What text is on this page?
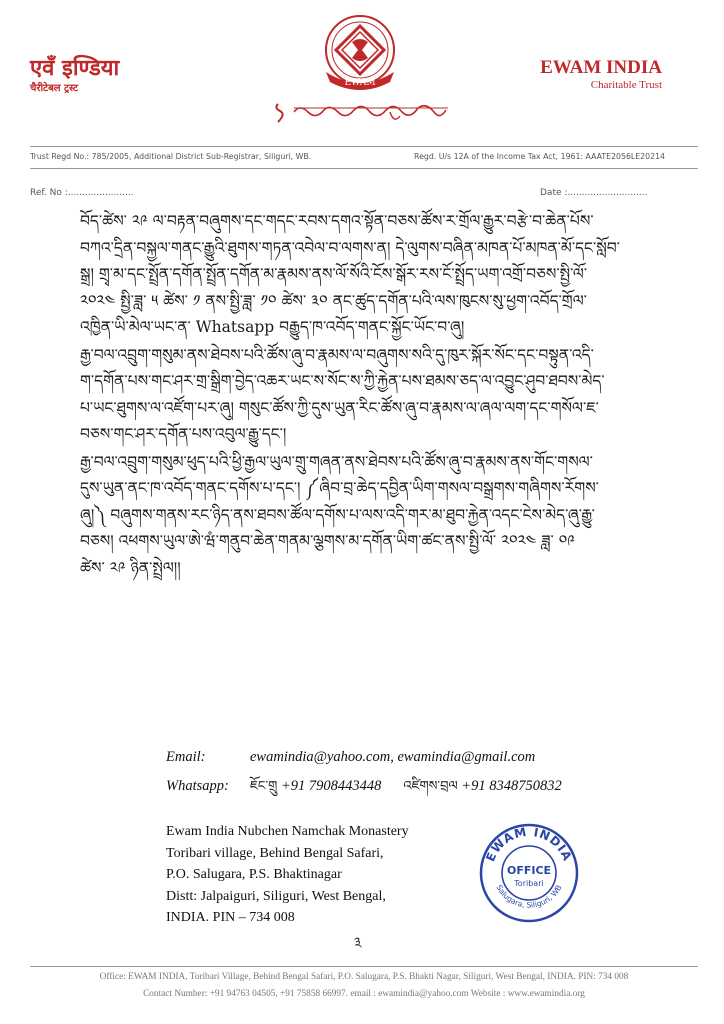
एवँ इण्डिया
चैरीटेबल ट्रस्ट	EWAM
EWAM INDIA
Charitable Trust
Trust Regd No.: 785/2005, Additional District Sub-Registrar, Siliguri, WB.	Regd. U/s 12A of the Income Tax Act, 1961: AAATE2056LE20214
Ref. No :.......................	Date :............................

བོད་ཚེས་ ༢༩ ལ་བརྟན་བཞུགས་དང་གདང་རབས་དགའ་སྟོན་བཅས་ཚོས་ར་གྲོལ་རྒྱུར་བརྩེ་བ་ཆེན་པོས་

བཀའ་དྲིན་བསྐྱལ་གནང་རྒྱུའི་ཐུགས་གཏན་འབེལ་བ་ལགས་ན། དེ་ལུགས་བཞིན་མཁན་པོ་མཁན་མོ་དང་སློབ་

སྒྲ། གྲྭ་མ་དང་སྤྲོན་དགོན་སྤྲོན་དགོན་མ་རྣམས་ནས་ལོ་སོའི་ངོས་སྒོར་རས་ངོ་སྤྲོད་ཡག་འགྲོ་བཅས་སྤྱི་ལོ་

༢༠༢༤ སྤྱི་ཟླ་ ༥ ཚེས་ ༡ ནས་སྤྱི་ཟླ་ ༡༠ ཚེས་ ༣༠ ནང་ཚུད་དགོན་པའི་ལས་ཁུངས་སུ་ཕྱག་འབོད་གྲོལ་

འཁྱིན་ཡི་མེལ་ཡང་ན་ Whatsapp བརྒྱུད་ཁ་འབོད་གནང་སྐྱོང་ཡོང་བ་ཞུ།

རྒྱ་བལ་འབྲུག་གསུམ་ནས་ཐེབས་པའི་ཚོས་ཞུ་བ་རྣམས་ལ་བཞུགས་སའི་དུ་ཁུར་སྐོར་སོང་དང་བསྟུན་འདི་

ག་དགོན་པས་གང་ཤར་གྲ་སྒྲིག་བྱེད་འཆར་ཡང་ས་སོང་ས་ཀྱི་རྐྱེན་པས་ཐམས་ཅད་ལ་འབྱུང་ཤུབ་ཐབས་མེད་

པ་ཡང་ཐུགས་ལ་འཛོག་པར་ཞུ། གསུང་ཚོས་ཀྱི་དུས་ཡུན་རིང་ཚོས་ཞུ་བ་རྣམས་ལ་ཞལ་ལག་དང་གསོལ་ཇ་

བཅས་གང་ཤར་དགོན་པས་འབུལ་རྒྱུ་དང་།

རྒྱ་བལ་འབྲུག་གསུམ་ཕུད་པའི་ཕྱི་རྒྱལ་ཡུལ་གྲུ་གཞན་ནས་ཐེབས་པའི་ཚོས་ཞུ་བ་རྣམས་ནས་གོང་གསལ་

དུས་ཡུན་ནང་ཁ་འབོད་གནང་དགོས་པ་དང་། ༼ཞིབ་བྲ་ཆེད་དབྱིན་ཡིག་གསལ་བསྒྲགས་གཞིགས་རོགས་

ཞུ།༽ བཞུགས་གནས་རང་ཉིད་ནས་ཐབས་ཚོལ་དགོས་པ་ལས་འདི་གར་མ་ཐུབ་རྐྱེན་འདང་ངེས་མེད་ཞུ་རྒྱུ་

བཅས། འཕགས་ཡུལ་ཨེ་ཝཾ་གནུབ་ཆེན་གནམ་ལྕགས་མ་དགོན་ཡིག་ཚང་ནས་སྤྱི་ལོ་ ༢༠༢༤ ཟླ་ ༠༩

ཚེས་ ༢༩ ཉིན་སྤྲེལ།།

Email:	ewamindia@yahoo.com, ewamindia@gmail.com
Whatsapp: ཇོང་གྲུ +91 7908443448 འཛིགས་བྲལ +91 8348750832
Ewam India Nubchen Namchak Monastery
Toribari village, Behind Bengal Safari,
P.O. Salugara, P.S. Bhaktinagar
Distt: Jalpaiguri, Siliguri, West Bengal,
INDIA. PIN – 734 008
EWAM INDIA
Salugara, Siliguri, WB
OFFICE
Toribari
༣
Office: EWAM INDIA, Toribari Village, Behind Bengal Safari, P.O. Salugara, P.S. Bhakti Nagar, Siliguri, West Bengal, INDIA. PIN: 734 008
Contact Number: +91 94763 04505, +91 75858 66997. email : ewamindia@yahoo.com Website : www.ewamindia.org
